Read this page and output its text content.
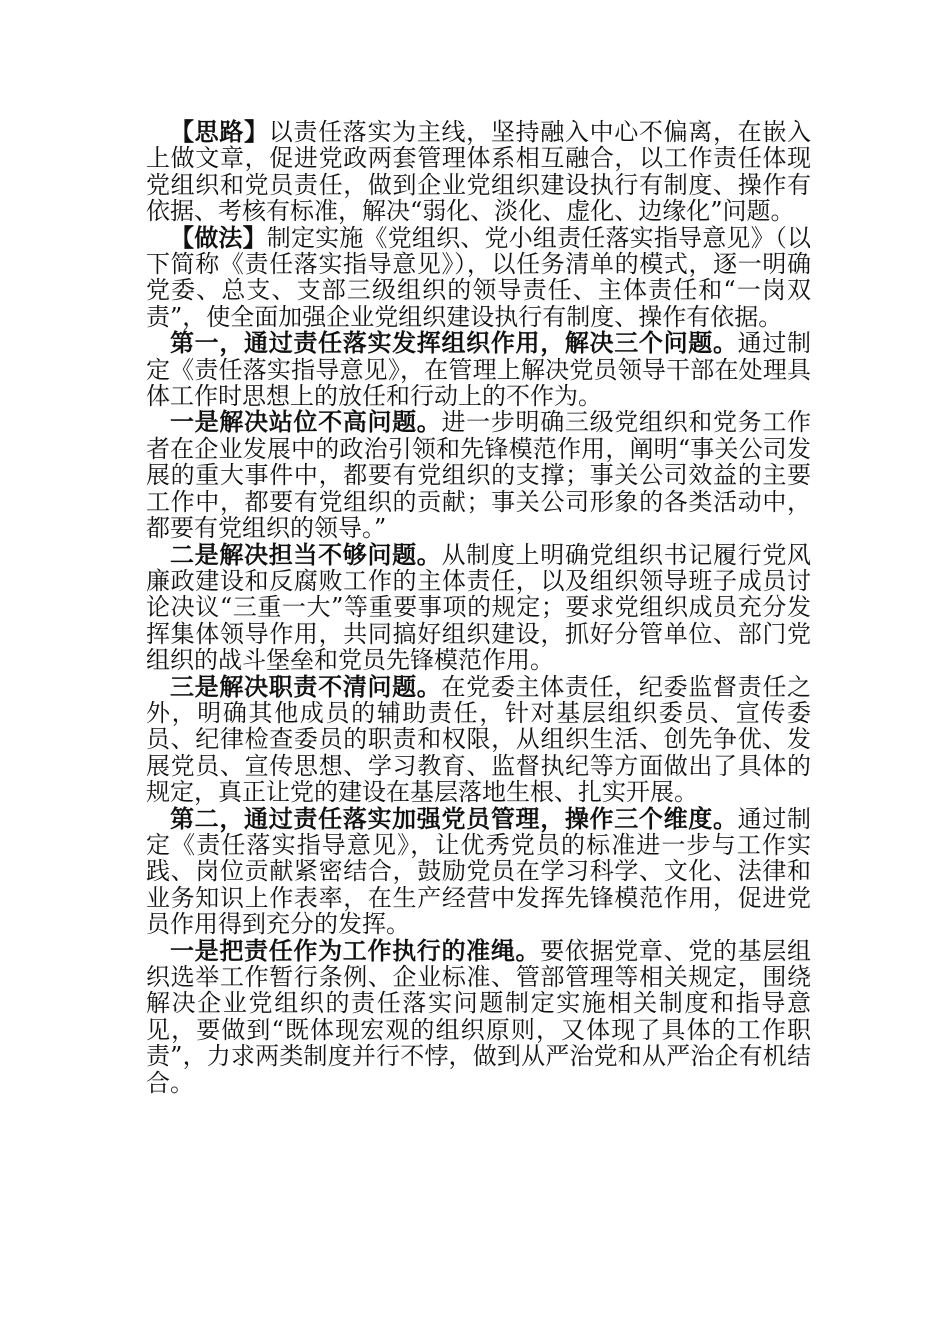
【思路】以责任落实为主线，坚持融入中心不偏离，在嵌入上做文章，促进党政两套管理体系相互融合，以工作责任体现党组织和党员责任，做到企业党组织建设执行有制度、操作有依据、考核有标准，解决“弱化、淡化、虚化、边缘化”问题。

【做法】制定实施《党组织、党小组责任落实指导意见》（以下简称《责任落实指导意见》），以任务清单的模式，逐一明确党委、总支、支部三级组织的领导责任、主体责任和“一岗双责”，使全面加强企业党组织建设执行有制度、操作有依据。

第一，通过责任落实发挥组织作用，解决三个问题。通过制定《责任落实指导意见》，在管理上解决党员领导干部在处理具体工作时思想上的放任和行动上的不作为。

一是解决站位不高问题。进一步明确三级党组织和党务工作者在企业发展中的政治引领和先锋模范作用，阐明“事关公司发展的重大事件中，都要有党组织的支撑；事关公司效益的主要工作中，都要有党组织的贡献；事关公司形象的各类活动中，都要有党组织的领导。”

二是解决担当不够问题。从制度上明确党组织书记履行党风廉政建设和反腐败工作的主体责任，以及组织领导班子成员讨论决议“三重一大”等重要事项的规定；要求党组织成员充分发挥集体领导作用，共同搞好组织建设，抓好分管单位、部门党组织的战斗堡垒和党员先锋模范作用。

三是解决职责不清问题。在党委主体责任，纪委监督责任之外，明确其他成员的辅助责任，针对基层组织委员、宣传委员、纪律检查委员的职责和权限，从组织生活、创先争优、发展党员、宣传思想、学习教育、监督执纪等方面做出了具体的规定，真正让党的建设在基层落地生根、扎实开展。

第二，通过责任落实加强党员管理，操作三个维度。通过制定《责任落实指导意见》，让优秀党员的标准进一步与工作实践、岗位贡献紧密结合，鼓励党员在学习科学、文化、法律和业务知识上作表率，在生产经营中发挥先锋模范作用，促进党员作用得到充分的发挥。

一是把责任作为工作执行的准绳。要依据党章、党的基层组织选举工作暂行条例、企业标准、管部管理等相关规定，围绕解决企业党组织的责任落实问题制定实施相关制度和指导意见，要做到“既体现宏观的组织原则，又体现了具体的工作职责”，力求两类制度并行不悖，做到从严治党和从严治企有机结合。
